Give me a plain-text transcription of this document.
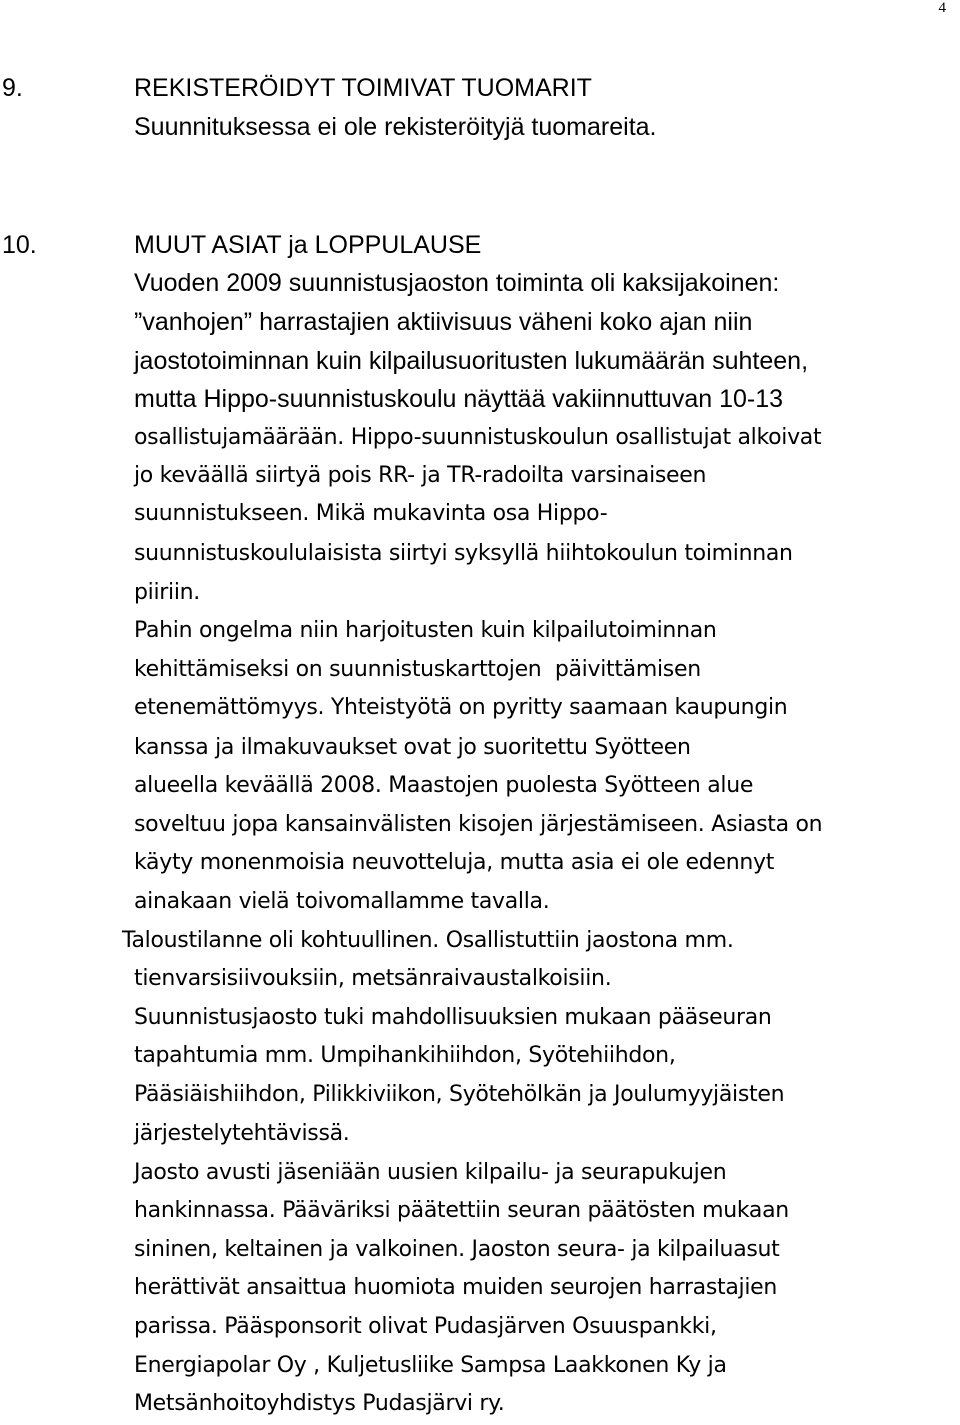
4
9.	REKISTERÖIDYT TOIMIVAT TUOMARIT
Suunnituksessa ei ole rekisteröityjä tuomareita.
10.	MUUT ASIAT ja LOPPULAUSE
Vuoden 2009 suunnistusjaoston toiminta oli kaksijakoinen:
”vanhojen” harrastajien aktiivisuus väheni koko ajan niin
jaostotoiminnan kuin kilpailusuoritusten lukumäärän suhteen,
mutta Hippo-suunnistuskoulu näyttää vakiinnuttuvan 10-13
osallistujamäärään. Hippo-suunnistuskoulun osallistujat alkoivat
jo keväällä siirtyä pois RR- ja TR-radoilta varsinaiseen
suunnistukseen. Mikä mukavinta osa Hippo-
suunnistuskoululaisista siirtyi syksyllä hiihtokoulun toiminnan
piiriin.
Pahin ongelma niin harjoitusten kuin kilpailutoiminnan
kehittämiseksi on suunnistuskarttojen  päivittämisen
etenemättömyys. Yhteistyötä on pyritty saamaan kaupungin
kanssa ja ilmakuvaukset ovat jo suoritettu Syötteen
alueella keväällä 2008. Maastojen puolesta Syötteen alue
soveltuu jopa kansainvälisten kisojen järjestämiseen. Asiasta on
käyty monenmoisia neuvotteluja, mutta asia ei ole edennyt
ainakaan vielä toivomallamme tavalla.
Taloustilanne oli kohtuullinen. Osallistuttiin jaostona mm.
tienvarsisiivouksiin, metsänraivaustalkoisiin.
Suunnistusjaosto tuki mahdollisuuksien mukaan pääseuran
tapahtumia mm. Umpihankihiihdon, Syötehiihdon,
Pääsiäishiihdon, Pilikkiviikon, Syötehölkän ja Joulumyyjäisten
järjestelytehtävissä.
Jaosto avusti jäseniään uusien kilpailu- ja seurapukujen
hankinnassa. Pääväriksi päätettiin seuran päätösten mukaan
sininen, keltainen ja valkoinen. Jaoston seura- ja kilpailuasut
herättivät ansaittua huomiota muiden seurojen harrastajien
parissa. Pääsponsorit olivat Pudasjärven Osuuspankki,
Energiapolar Oy , Kuljetusliike Sampsa Laakkonen Ky ja
Metsänhoitoyhdistys Pudasjärvi ry.
